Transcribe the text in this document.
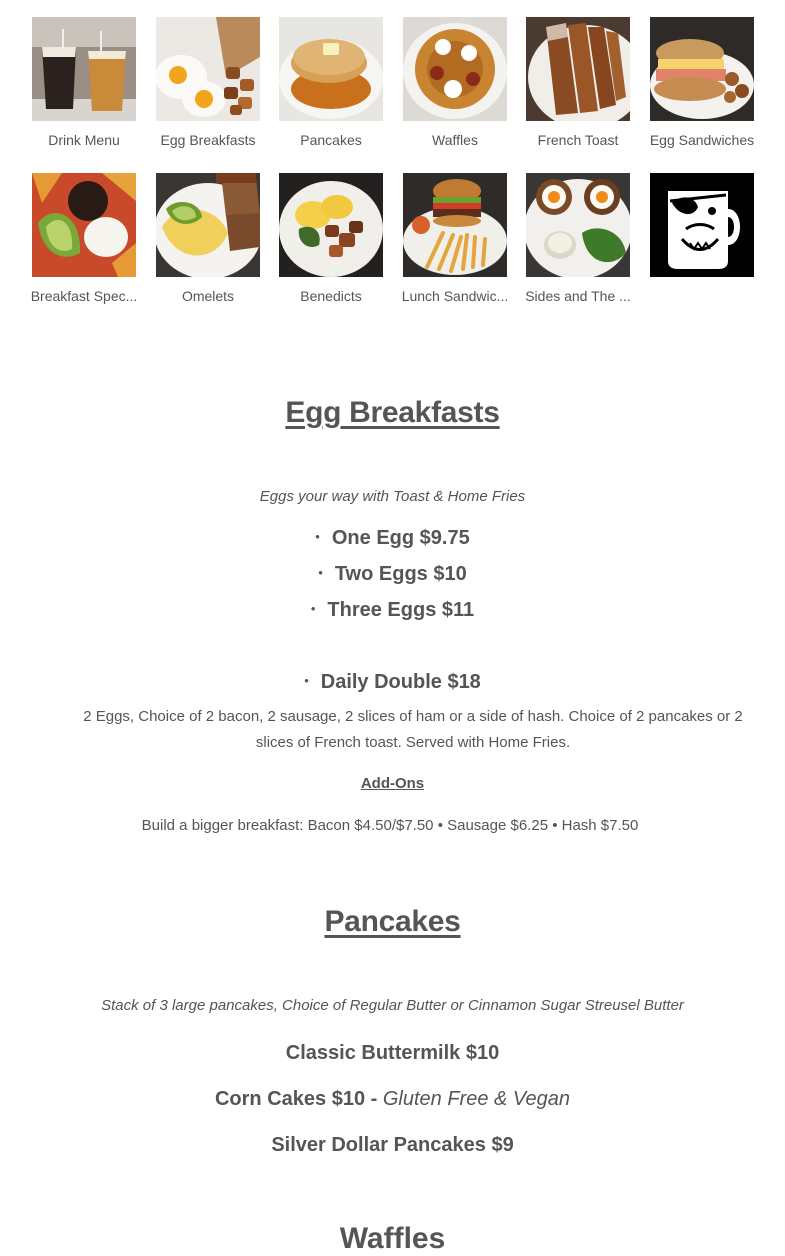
Drink Menu	Egg Breakfasts	Pancakes	Waffles	French Toast	Egg Sandwiches
Breakfast Spec...	Omelets	Benedicts	Lunch Sandwic... Sides and The ...
Egg Breakfasts
Eggs your way with Toast & Home Fries
• One Egg $9.75
• Two Eggs $10
• Three Eggs $11
• Daily Double $18
2 Eggs, Choice of 2 bacon, 2 sausage, 2 slices of ham or a side of hash. Choice of 2 pancakes or 2 slices of French toast. Served with Home Fries.
Add-Ons
Build a bigger breakfast: Bacon $4.50/$7.50 • Sausage $6.25 • Hash $7.50
Pancakes
Stack of 3 large pancakes, Choice of Regular Butter or Cinnamon Sugar Streusel Butter
Classic Buttermilk $10
Corn Cakes $10 - Gluten Free & Vegan
Silver Dollar Pancakes $9
Waffles
